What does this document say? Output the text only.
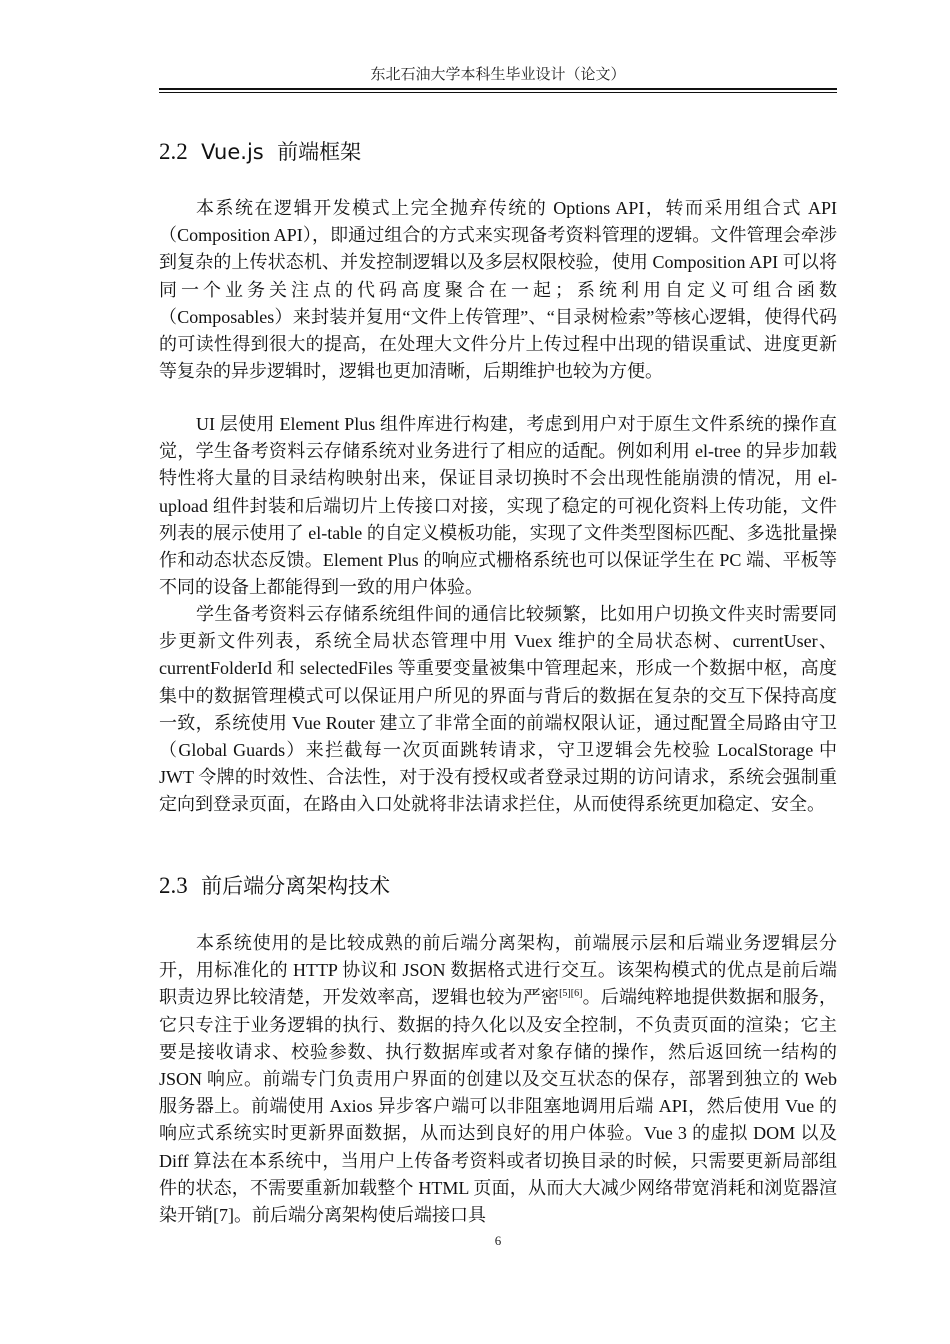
东北石油大学本科生毕业设计（论文）
2.2 Vue.js  前端框架

本系统在逻辑开发模式上完全抛弃传统的 Options API，转而采用组合式 API（Composition API），即通过组合的方式来实现备考资料管理的逻辑。文件管理会牵涉到复杂的上传状态机、并发控制逻辑以及多层权限校验，使用 Composition API 可以将同一个业务关注点的代码高度聚合在一起；系统利用自定义可组合函数（Composables）来封装并复用“文件上传管理”、“目录树检索”等核心逻辑，使得代码的可读性得到很大的提高，在处理大文件分片上传过程中出现的错误重试、进度更新等复杂的异步逻辑时，逻辑也更加清晰，后期维护也较为方便。

UI 层使用 Element Plus 组件库进行构建，考虑到用户对于原生文件系统的操作直觉，学生备考资料云存储系统对业务进行了相应的适配。例如利用 el-tree 的异步加载特性将大量的目录结构映射出来，保证目录切换时不会出现性能崩溃的情况，用 el-upload 组件封装和后端切片上传接口对接，实现了稳定的可视化资料上传功能，文件列表的展示使用了 el-table 的自定义模板功能，实现了文件类型图标匹配、多选批量操作和动态状态反馈。Element Plus 的响应式栅格系统也可以保证学生在 PC 端、平板等不同的设备上都能得到一致的用户体验。

学生备考资料云存储系统组件间的通信比较频繁，比如用户切换文件夹时需要同步更新文件列表，系统全局状态管理中用 Vuex 维护的全局状态树、currentUser、currentFolderId 和 selectedFiles 等重要变量被集中管理起来，形成一个数据中枢，高度集中的数据管理模式可以保证用户所见的界面与背后的数据在复杂的交互下保持高度一致，系统使用 Vue Router 建立了非常全面的前端权限认证，通过配置全局路由守卫（Global Guards）来拦截每一次页面跳转请求，守卫逻辑会先校验 LocalStorage 中 JWT 令牌的时效性、合法性，对于没有授权或者登录过期的访问请求，系统会强制重定向到登录页面，在路由入口处就将非法请求拦住，从而使得系统更加稳定、安全。

2.3 前后端分离架构技术

本系统使用的是比较成熟的前后端分离架构，前端展示层和后端业务逻辑层分开，用标准化的 HTTP 协议和 JSON 数据格式进行交互。该架构模式的优点是前后端职责边界比较清楚，开发效率高，逻辑也较为严密[5][6]。后端纯粹地提供数据和服务，它只专注于业务逻辑的执行、数据的持久化以及安全控制，不负责页面的渲染；它主要是接收请求、校验参数、执行数据库或者对象存储的操作，然后返回统一结构的 JSON 响应。前端专门负责用户界面的创建以及交互状态的保存，部署到独立的 Web 服务器上。前端使用 Axios 异步客户端可以非阻塞地调用后端 API，然后使用 Vue 的响应式系统实时更新界面数据，从而达到良好的用户体验。Vue 3 的虚拟 DOM 以及 Diff 算法在本系统中，当用户上传备考资料或者切换目录的时候，只需要更新局部组件的状态，不需要重新加载整个 HTML 页面，从而大大减少网络带宽消耗和浏览器渲染开销[7]。前后端分离架构使后端接口具

6
